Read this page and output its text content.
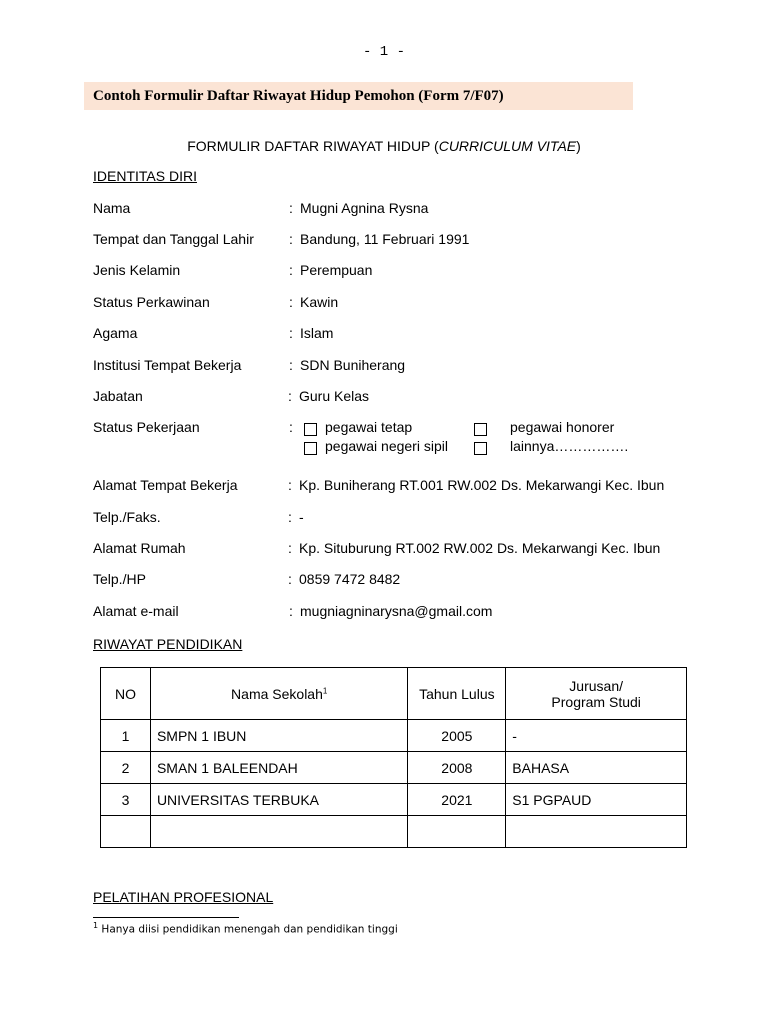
- 1 -
Contoh Formulir Daftar Riwayat Hidup Pemohon (Form 7/F07)
FORMULIR DAFTAR RIWAYAT HIDUP (CURRICULUM VITAE)
IDENTITAS DIRI
Nama	: Mugni Agnina Rysna
Tempat dan Tanggal Lahir	: Bandung, 11 Februari 1991
Jenis Kelamin	: Perempuan
Status Perkawinan	: Kawin
Agama	: Islam
Institusi Tempat Bekerja	: SDN Buniherang
Jabatan	: Guru Kelas
Status Pekerjaan	: pegawai tetap	pegawai honorer
pegawai negeri sipil	lainnya…………….
Alamat Tempat Bekerja	: Kp. Buniherang RT.001 RW.002 Ds. Mekarwangi Kec. Ibun
Telp./Faks.	: -
Alamat Rumah	: Kp. Situburung RT.002 RW.002 Ds. Mekarwangi Kec. Ibun
Telp./HP	: 0859 7472 8482
Alamat e-mail	: mugniagninarysna@gmail.com
RIWAYAT PENDIDIKAN
NO	Nama Sekolah$^1$	Tahun Lulus	Jurusan/
Program Studi
1	SMPN 1 IBUN	2005	-
2	SMAN 1 BALEENDAH	2008	BAHASA
3	UNIVERSITAS TERBUKA	2021	S1 PGPAUD

PELATIHAN PROFESIONAL
$^1$ Hanya diisi pendidikan menengah dan pendidikan tinggi
